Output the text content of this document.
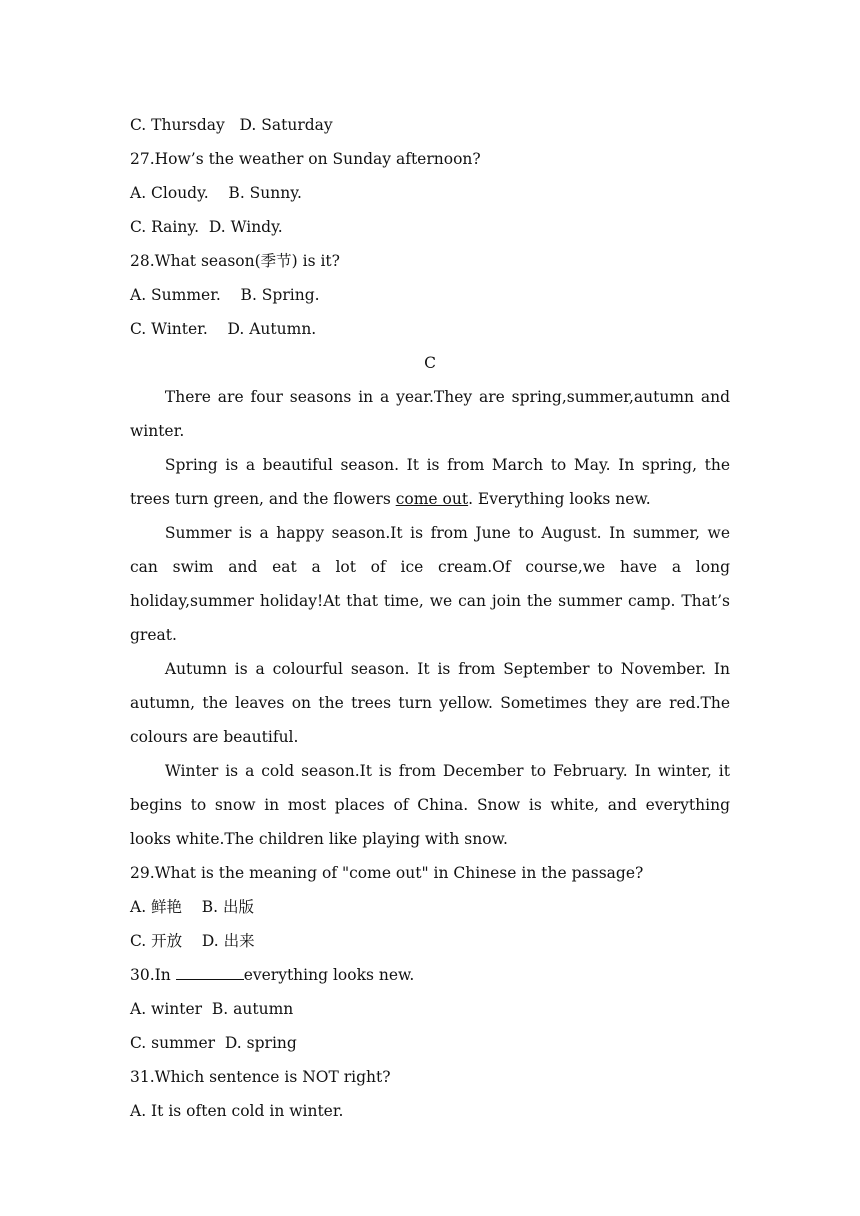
C. Thursday   D. Saturday
27.How’s the weather on Sunday afternoon?
A. Cloudy.    B. Sunny.
C. Rainy.  D. Windy.
28.What season(季节) is it?
A. Summer.    B. Spring.
C. Winter.    D. Autumn.
C
There are four seasons in a year.They are spring,summer,autumn and winter.
Spring is a beautiful season. It is from March to May. In spring, the trees turn green, and the flowers come out. Everything looks new.
Summer is a happy season.It is from June to August. In summer, we can swim and eat a lot of ice cream.Of course,we have a long holiday,summer holiday!At that time, we can join the summer camp. That’s great.
Autumn is a colourful season. It is from September to November. In autumn, the leaves on the trees turn yellow. Sometimes they are red.The colours are beautiful.
Winter is a cold season.It is from December to February. In winter, it begins to snow in most places of China. Snow is white, and everything looks white.The children like playing with snow.
29.What is the meaning of "come out" in Chinese in the passage?
A. 鲜艳    B. 出版
C. 开放    D. 出来
30.In	everything looks new.
A. winter  B. autumn
C. summer  D. spring
31.Which sentence is NOT right?
A. It is often cold in winter.
